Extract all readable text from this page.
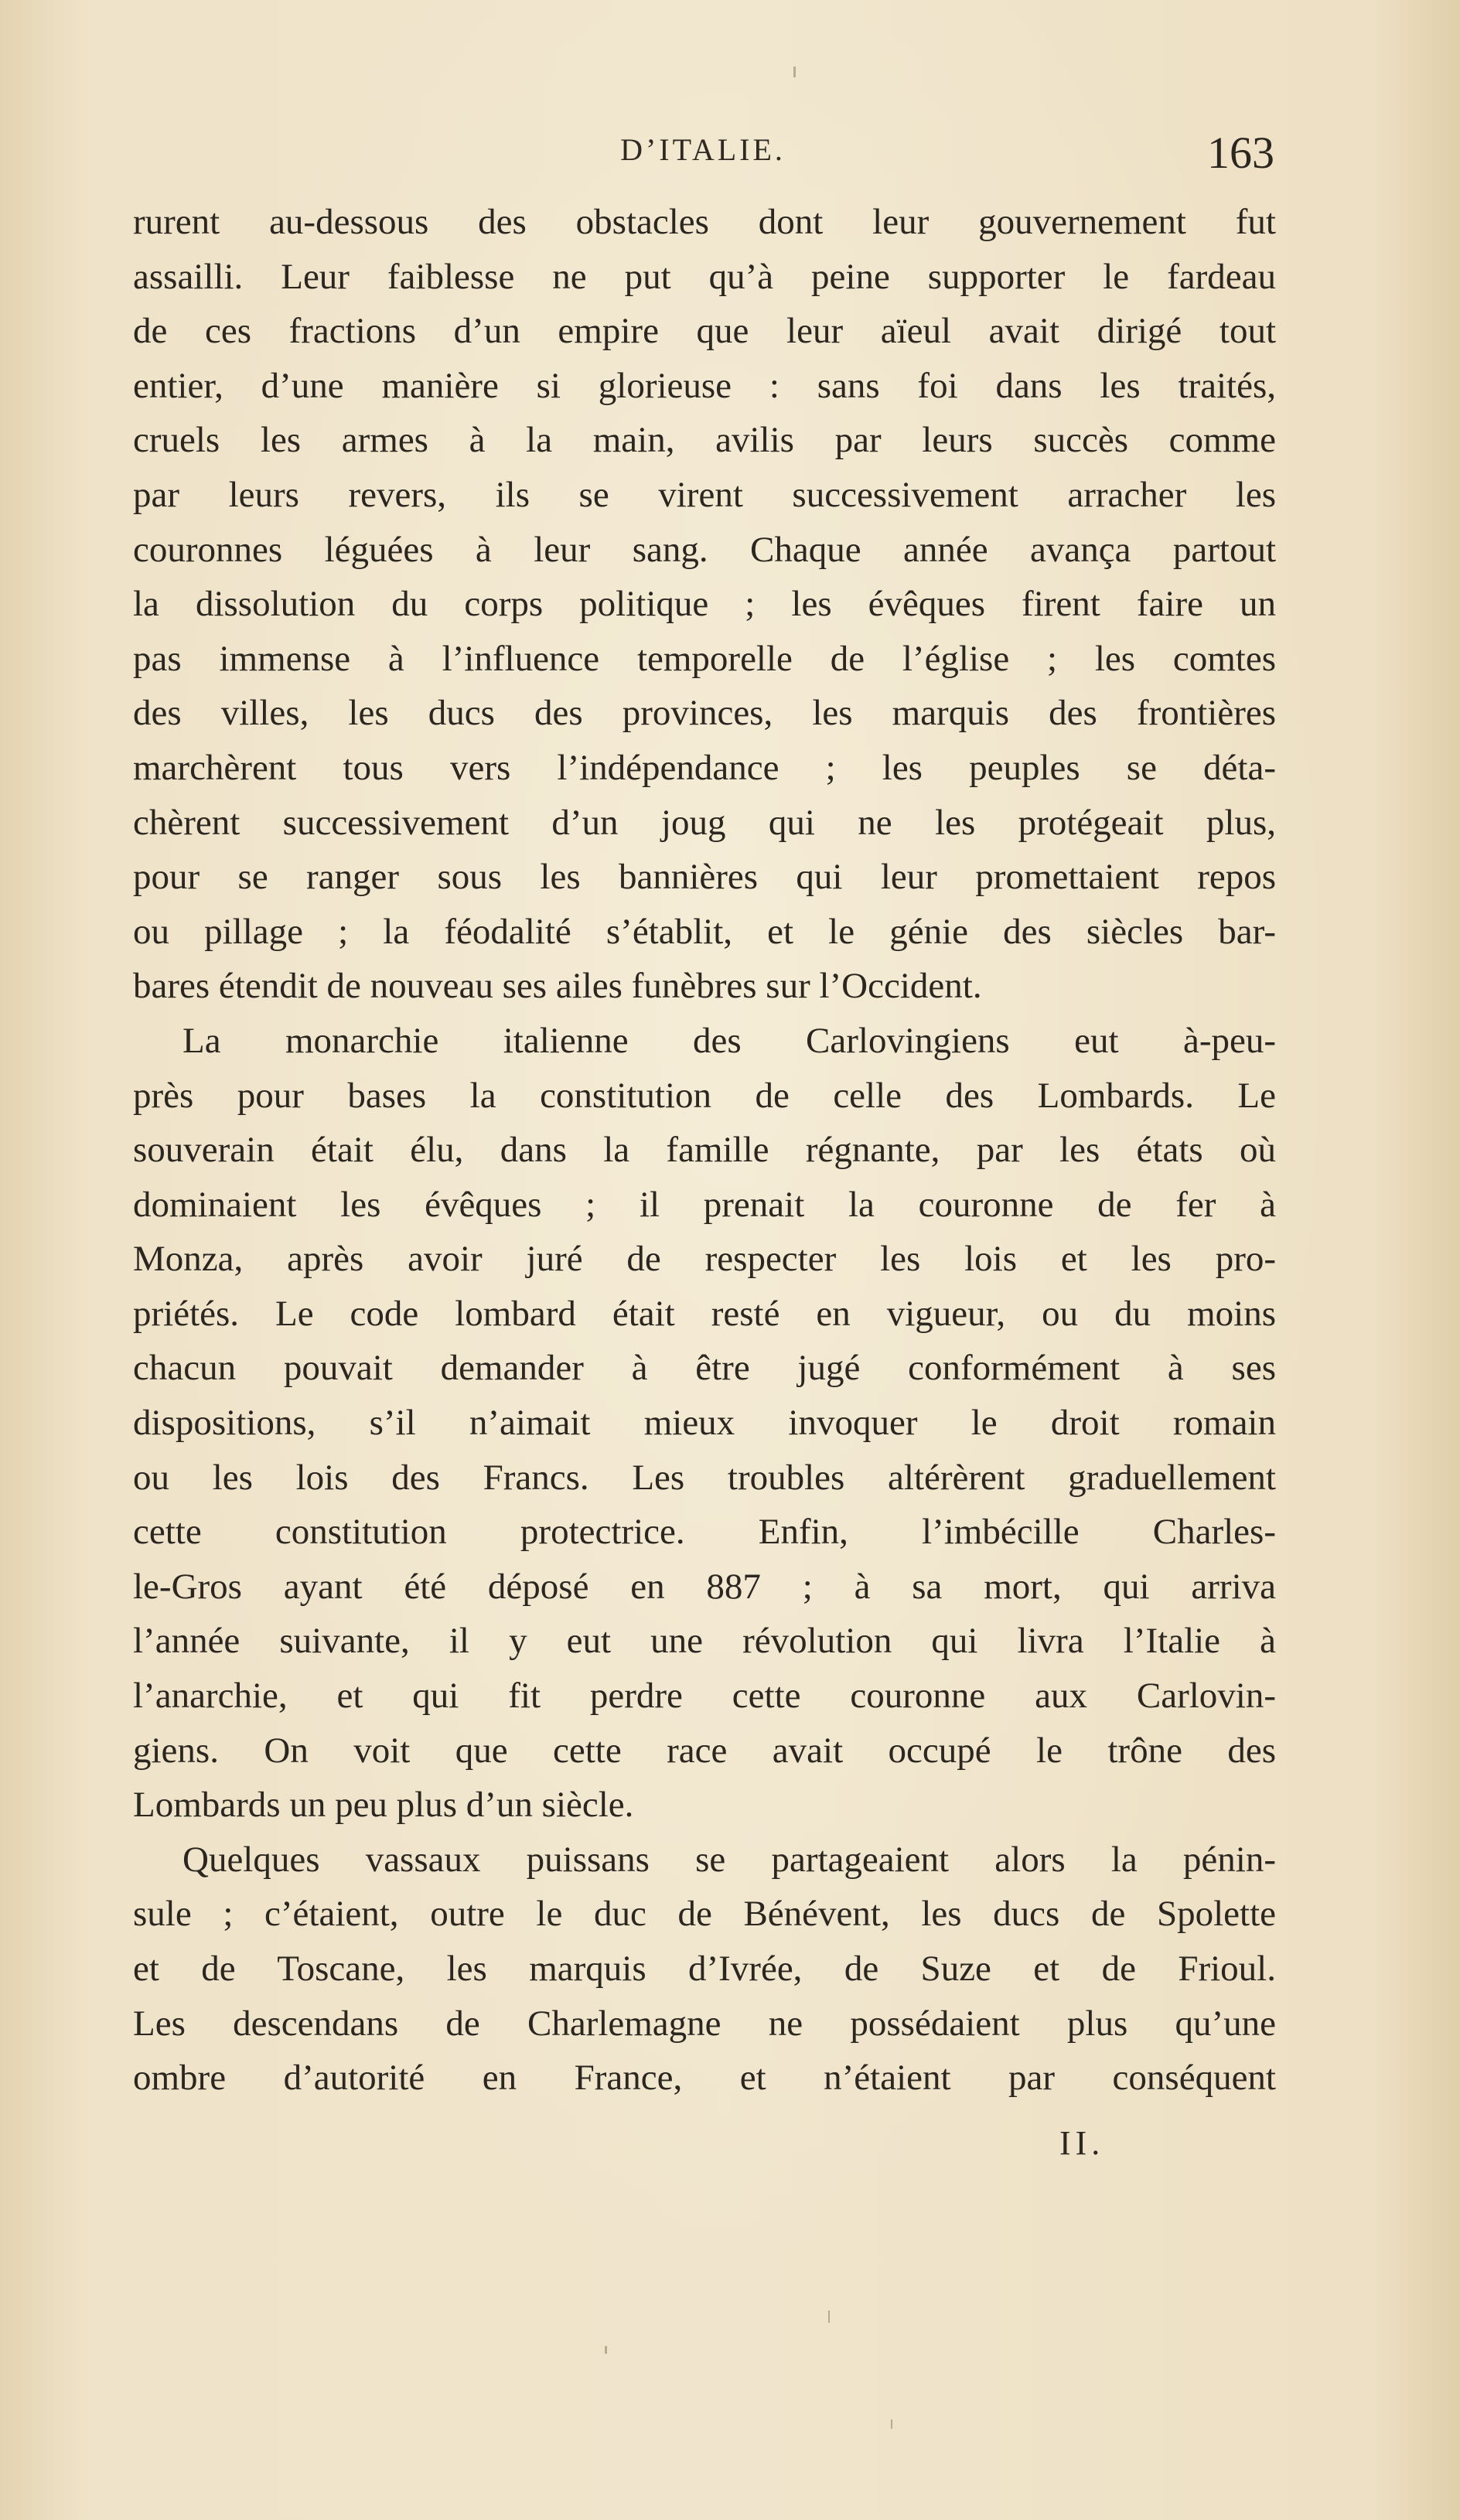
D’ITALIE.	163
rurent au-dessous des obstacles dont leur gouvernement fut
assailli. Leur faiblesse ne put qu’à peine supporter le fardeau
de ces fractions d’un empire que leur aïeul avait dirigé tout
entier, d’une manière si glorieuse : sans foi dans les traités,
cruels les armes à la main, avilis par leurs succès comme
par leurs revers, ils se virent successivement arracher les
couronnes léguées à leur sang. Chaque année avança partout
la dissolution du corps politique ; les évêques firent faire un
pas immense à l’influence temporelle de l’église ; les comtes
des villes, les ducs des provinces, les marquis des frontières
marchèrent tous vers l’indépendance ; les peuples se déta-
chèrent successivement d’un joug qui ne les protégeait plus,
pour se ranger sous les bannières qui leur promettaient repos
ou pillage ; la féodalité s’établit, et le génie des siècles bar-
bares étendit de nouveau ses ailes funèbres sur l’Occident.
La monarchie italienne des Carlovingiens eut à-peu-
près pour bases la constitution de celle des Lombards. Le
souverain était élu, dans la famille régnante, par les états où
dominaient les évêques ; il prenait la couronne de fer à
Monza, après avoir juré de respecter les lois et les pro-
priétés. Le code lombard était resté en vigueur, ou du moins
chacun pouvait demander à être jugé conformément à ses
dispositions, s’il n’aimait mieux invoquer le droit romain
ou les lois des Francs. Les troubles altérèrent graduellement
cette constitution protectrice. Enfin, l’imbécille Charles-
le-Gros ayant été déposé en 887 ; à sa mort, qui arriva
l’année suivante, il y eut une révolution qui livra l’Italie à
l’anarchie, et qui fit perdre cette couronne aux Carlovin-
giens. On voit que cette race avait occupé le trône des
Lombards un peu plus d’un siècle.
Quelques vassaux puissans se partageaient alors la pénin-
sule ; c’étaient, outre le duc de Bénévent, les ducs de Spolette
et de Toscane, les marquis d’Ivrée, de Suze et de Frioul.
Les descendans de Charlemagne ne possédaient plus qu’une
ombre d’autorité en France, et n’étaient par conséquent
II.
